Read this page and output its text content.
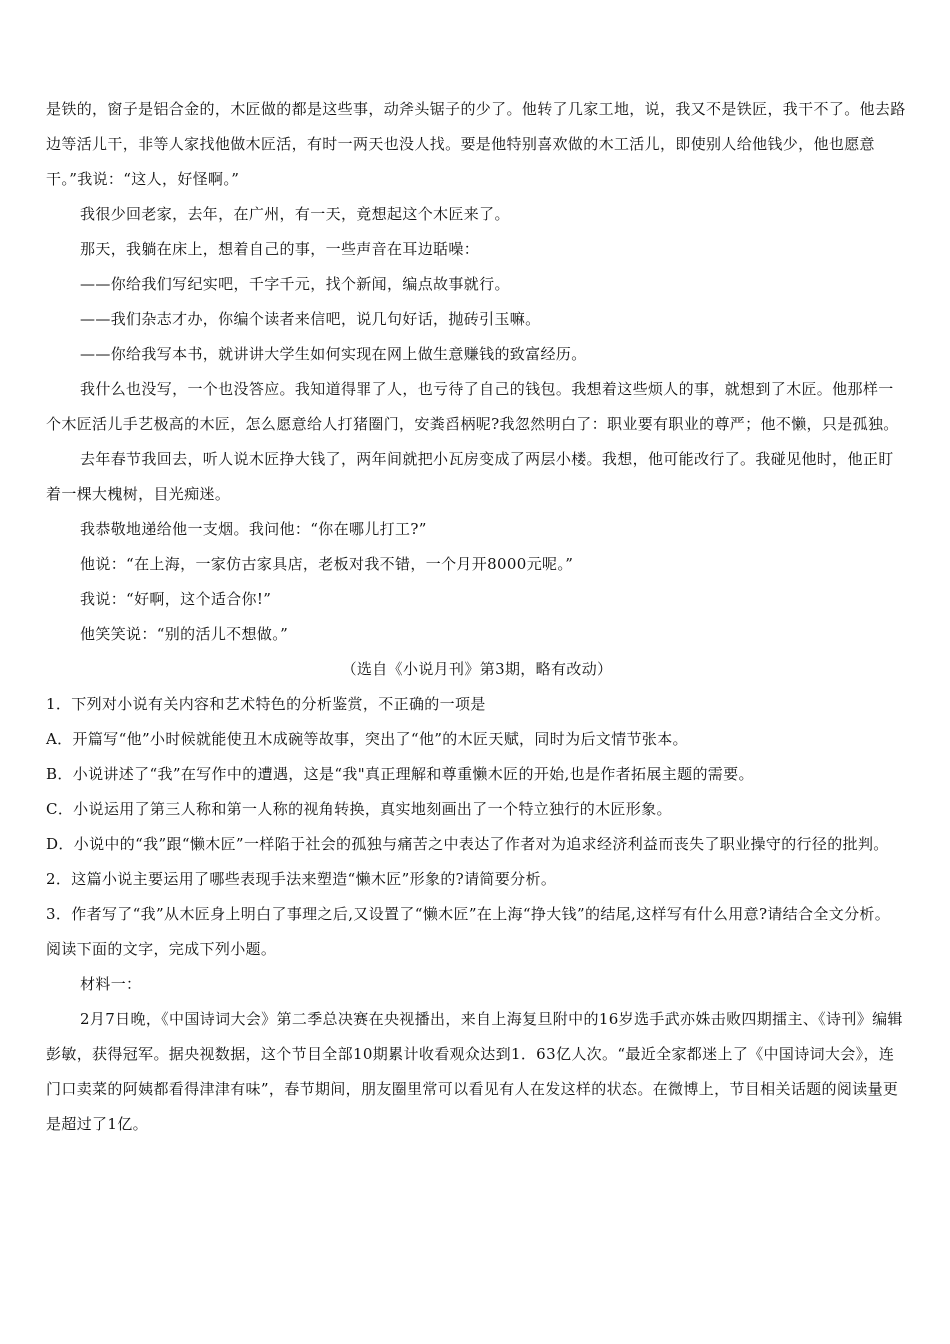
是铁的，窗子是铝合金的，木匠做的都是这些事，动斧头锯子的少了。他转了几家工地，说，我又不是铁匠，我干不了。他去路边等活儿干，非等人家找他做木匠活，有时一两天也没人找。要是他特别喜欢做的木工活儿，即使别人给他钱少，他也愿意干。”我说：“这人，好怪啊。”

我很少回老家，去年，在广州，有一天，竟想起这个木匠来了。

那天，我躺在床上，想着自己的事，一些声音在耳边聒噪：

——你给我们写纪实吧，千字千元，找个新闻，编点故事就行。

——我们杂志才办，你编个读者来信吧，说几句好话，抛砖引玉嘛。

——你给我写本书，就讲讲大学生如何实现在网上做生意赚钱的致富经历。

我什么也没写，一个也没答应。我知道得罪了人，也亏待了自己的钱包。我想着这些烦人的事，就想到了木匠。他那样一个木匠活儿手艺极高的木匠，怎么愿意给人打猪圈门，安粪舀柄呢?我忽然明白了：职业要有职业的尊严；他不懒，只是孤独。

去年春节我回去，听人说木匠挣大钱了，两年间就把小瓦房变成了两层小楼。我想，他可能改行了。我碰见他时，他正盯着一棵大槐树，目光痴迷。

我恭敬地递给他一支烟。我问他：“你在哪儿打工?”

他说：“在上海，一家仿古家具店，老板对我不错，一个月开8000元呢。”

我说：“好啊，这个适合你!”

他笑笑说：“别的活儿不想做。”

（选自《小说月刊》第3期，略有改动）

1．下列对小说有关内容和艺术特色的分析鉴赏，不正确的一项是

A．开篇写“他”小时候就能使丑木成碗等故事，突出了“他”的木匠天赋，同时为后文情节张本。

B．小说讲述了“我”在写作中的遭遇，这是“我"真正理解和尊重懒木匠的开始,也是作者拓展主题的需要。

C．小说运用了第三人称和第一人称的视角转换，真实地刻画出了一个特立独行的木匠形象。

D．小说中的“我”跟“懒木匠”一样陷于社会的孤独与痛苦之中表达了作者对为追求经济利益而丧失了职业操守的行径的批判。

2．这篇小说主要运用了哪些表现手法来塑造“懒木匠”形象的?请简要分析。

3．作者写了“我”从木匠身上明白了事理之后,又设置了“懒木匠”在上海“挣大钱”的结尾,这样写有什么用意?请结合全文分析。

阅读下面的文字，完成下列小题。

材料一：

2月7日晚，《中国诗词大会》第二季总决赛在央视播出，来自上海复旦附中的16岁选手武亦姝击败四期擂主、《诗刊》编辑彭敏，获得冠军。据央视数据，这个节目全部10期累计收看观众达到1．63亿人次。“最近全家都迷上了《中国诗词大会》，连门口卖菜的阿姨都看得津津有味”，春节期间，朋友圈里常可以看见有人在发这样的状态。在微博上，节目相关话题的阅读量更是超过了1亿。
